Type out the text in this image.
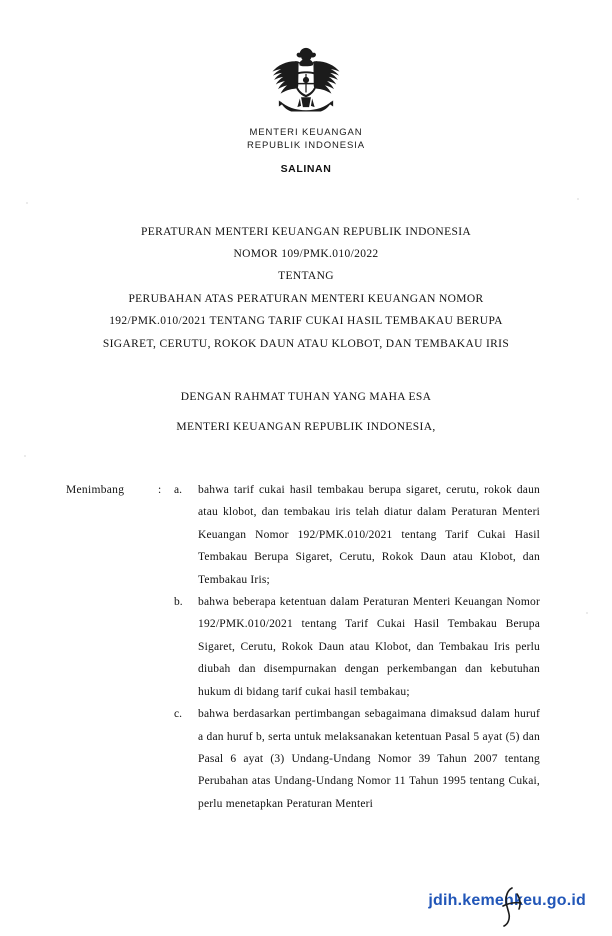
MENTERI KEUANGAN
REPUBLIK INDONESIA
SALINAN
PERATURAN MENTERI KEUANGAN REPUBLIK INDONESIA
NOMOR 109/PMK.010/2022
TENTANG
PERUBAHAN ATAS PERATURAN MENTERI KEUANGAN NOMOR
192/PMK.010/2021 TENTANG TARIF CUKAI HASIL TEMBAKAU BERUPA
SIGARET, CERUTU, ROKOK DAUN ATAU KLOBOT, DAN TEMBAKAU IRIS
DENGAN RAHMAT TUHAN YANG MAHA ESA
MENTERI KEUANGAN REPUBLIK INDONESIA,
Menimbang	:	a.	bahwa tarif cukai hasil tembakau berupa sigaret, cerutu, rokok daun atau klobot, dan tembakau iris telah diatur dalam Peraturan Menteri Keuangan Nomor 192/PMK.010/2021 tentang Tarif Cukai Hasil Tembakau Berupa Sigaret, Cerutu, Rokok Daun atau Klobot, dan Tembakau Iris;
b.	bahwa beberapa ketentuan dalam Peraturan Menteri Keuangan Nomor 192/PMK.010/2021 tentang Tarif Cukai Hasil Tembakau Berupa Sigaret, Cerutu, Rokok Daun atau Klobot, dan Tembakau Iris perlu diubah dan disempurnakan dengan perkembangan dan kebutuhan hukum di bidang tarif cukai hasil tembakau;
c.	bahwa berdasarkan pertimbangan sebagaimana dimaksud dalam huruf a dan huruf b, serta untuk melaksanakan ketentuan Pasal 5 ayat (5) dan Pasal 6 ayat (3) Undang-Undang Nomor 39 Tahun 2007 tentang Perubahan atas Undang-Undang Nomor 11 Tahun 1995 tentang Cukai, perlu menetapkan Peraturan Menteri
jdih.kemenkeu.go.id
